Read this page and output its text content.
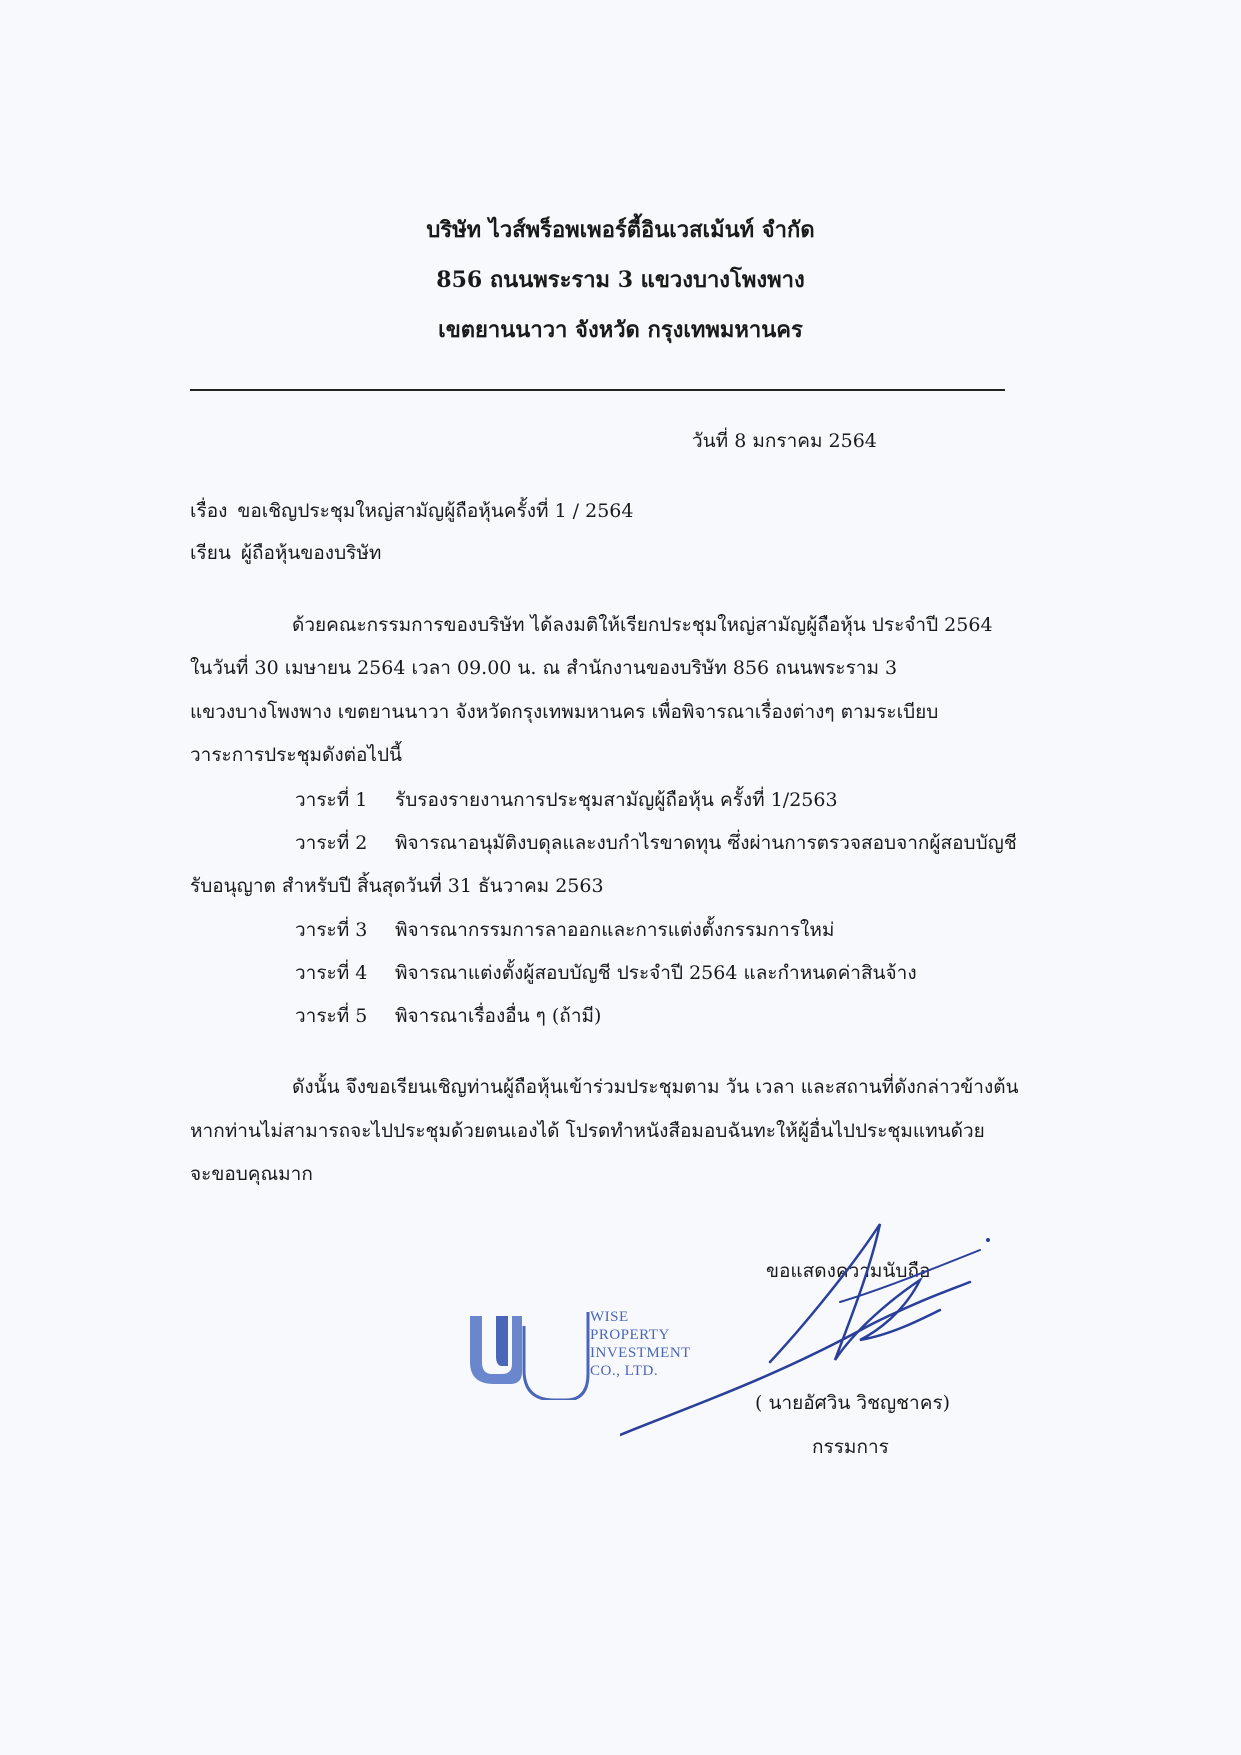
บริษัท ไวส์พร็อพเพอร์ตี้อินเวสเม้นท์ จำกัด
856 ถนนพระราม 3 แขวงบางโพงพาง
เขตยานนาวา จังหวัด กรุงเทพมหานคร
วันที่ 8 มกราคม 2564
เรื่อง ขอเชิญประชุมใหญ่สามัญผู้ถือหุ้นครั้งที่ 1 / 2564
เรียน ผู้ถือหุ้นของบริษัท
ด้วยคณะกรรมการของบริษัท ได้ลงมติให้เรียกประชุมใหญ่สามัญผู้ถือหุ้น ประจำปี 2564
ในวันที่ 30 เมษายน 2564 เวลา 09.00 น. ณ สำนักงานของบริษัท 856 ถนนพระราม 3
แขวงบางโพงพาง เขตยานนาวา จังหวัดกรุงเทพมหานคร เพื่อพิจารณาเรื่องต่างๆ ตามระเบียบ
วาระการประชุมดังต่อไปนี้
วาระที่ 1 รับรองรายงานการประชุมสามัญผู้ถือหุ้น ครั้งที่ 1/2563
วาระที่ 2 พิจารณาอนุมัติงบดุลและงบกำไรขาดทุน ซึ่งผ่านการตรวจสอบจากผู้สอบบัญชี
รับอนุญาต สำหรับปี สิ้นสุดวันที่ 31 ธันวาคม 2563
วาระที่ 3 พิจารณากรรมการลาออกและการแต่งตั้งกรรมการใหม่
วาระที่ 4 พิจารณาแต่งตั้งผู้สอบบัญชี ประจำปี 2564 และกำหนดค่าสินจ้าง
วาระที่ 5 พิจารณาเรื่องอื่น ๆ (ถ้ามี)
ดังนั้น จึงขอเรียนเชิญท่านผู้ถือหุ้นเข้าร่วมประชุมตาม วัน เวลา และสถานที่ดังกล่าวข้างต้น
หากท่านไม่สามารถจะไปประชุมด้วยตนเองได้ โปรดทำหนังสือมอบฉันทะให้ผู้อื่นไปประชุมแทนด้วย
จะขอบคุณมาก
ขอแสดงความนับถือ
WISE
PROPERTY
INVESTMENT
CO., LTD.
( นายอัศวิน วิชญชาคร)
กรรมการ
